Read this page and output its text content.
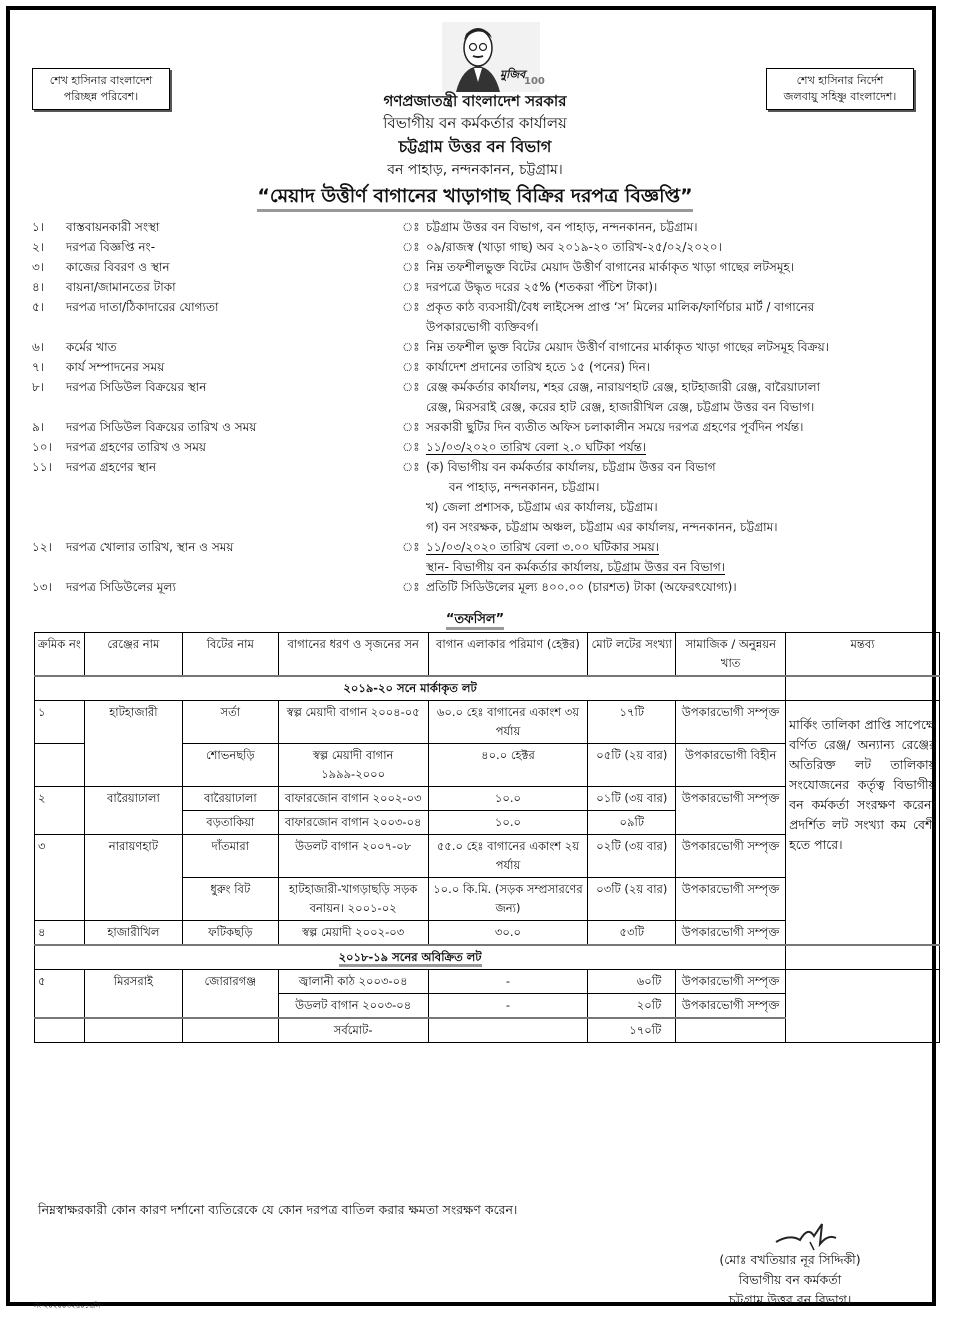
শেখ হাসিনার বাংলাদেশ
পরিচ্ছন্ন পরিবেশ।
শেখ হাসিনার নির্দেশ
জলবায়ু সহিষ্ণু বাংলাদেশ।
মুজিব
100
গণপ্রজাতন্ত্রী বাংলাদেশ সরকার
বিভাগীয় বন কর্মকর্তার কার্যালয়
চট্টগ্রাম উত্তর বন বিভাগ
বন পাহাড়, নন্দনকানন, চট্টগ্রাম।
“মেয়াদ উত্তীর্ণ বাগানের খাড়াগাছ বিক্রির দরপত্র বিজ্ঞপ্তি”
১।	বাস্তবায়নকারী সংস্থা	ঃ চট্টগ্রাম উত্তর বন বিভাগ, বন পাহাড়, নন্দনকানন, চট্টগ্রাম।
২।	দরপত্র বিজ্ঞপ্তি নং-	ঃ ০৯/রাজস্ব (খাড়া গাছ) অব ২০১৯-২০ তারিখ-২৫/০২/২০২০।
৩।	কাজের বিবরণ ও স্থান	ঃ নিম্ন তফশীলভুক্ত বিটের মেয়াদ উত্তীর্ণ বাগানের মার্কাকৃত খাড়া গাছের লটসমূহ।
৪।	বায়না/জামানতের টাকা	ঃ দরপত্রে উদ্ধৃত দরের ২৫% (শতকরা পঁচিশ টাকা)।
৫।	দরপত্র দাতা/ঠিকাদারের যোগ্যতা	ঃ প্রকৃত কাঠ ব্যবসায়ী/বৈধ লাইসেন্স প্রাপ্ত ‘স’ মিলের মালিক/ফার্ণিচার মার্ট / বাগানের
উপকারভোগী ব্যক্তিবর্গ।
৬।	কর্মের খাত	ঃ নিম্ন তফশীল ভুক্ত বিটের মেয়াদ উত্তীর্ণ বাগানের মার্কাকৃত খাড়া গাছের লটসমূহ বিক্রয়।
৭।	কার্য সম্পাদনের সময়	ঃ কার্যাদেশ প্রদানের তারিখ হতে ১৫ (পনের) দিন।
৮।	দরপত্র সিডিউল বিক্রয়ের স্থান	ঃ রেঞ্জ কর্মকর্তার কার্যালয়, শহর রেঞ্জ, নারায়ণহাট রেঞ্জ, হাটহাজারী রেঞ্জ, বারৈয়াঢালা
রেঞ্জ, মিরসরাই রেঞ্জ, করের হাট রেঞ্জ, হাজারীখিল রেঞ্জ, চট্টগ্রাম উত্তর বন বিভাগ।
৯।	দরপত্র সিডিউল বিক্রয়ের তারিখ ও সময়	ঃ সরকারী ছুটির দিন ব্যতীত অফিস চলাকালীন সময়ে দরপত্র গ্রহণের পূর্বদিন পর্যন্ত।
১০।	দরপত্র গ্রহণের তারিখ ও সময়	ঃ ১১/০৩/২০২০ তারিখ বেলা ২.০ ঘটিকা পর্যন্ত।
১১।	দরপত্র গ্রহণের স্থান	ঃ (ক) বিভাগীয় বন কর্মকর্তার কার্যালয়, চট্টগ্রাম উত্তর বন বিভাগ
বন পাহাড়, নন্দনকানন, চট্টগ্রাম।
খ) জেলা প্রশাসক, চট্টগ্রাম এর কার্যালয়, চট্টগ্রাম।
গ) বন সংরক্ষক, চট্টগ্রাম অঞ্চল, চট্টগ্রাম এর কার্যালয়, নন্দনকানন, চট্টগ্রাম।
১২।	দরপত্র খোলার তারিখ, স্থান ও সময়	ঃ ১১/০৩/২০২০ তারিখ বেলা ৩.০০ ঘটিকার সময়।
স্থান- বিভাগীয় বন কর্মকর্তার কার্যালয়, চট্টগ্রাম উত্তর বন বিভাগ।
১৩।	দরপত্র সিডিউলের মূল্য	ঃ প্রতিটি সিডিউলের মূল্য ৪০০.০০ (চারশত) টাকা (অফেরৎযোগ্য)।
“তফসিল”
ক্রমিক নং	রেঞ্জের নাম	বিটের নাম	বাগানের ধরণ ও সৃজনের সন	বাগান এলাকার পরিমাণ (হেক্টর)	মোট লটের সংখ্যা	সামাজিক / অনুন্নয়ন খাত	মন্তব্য
২০১৯-২০ সনে মার্কাকৃত লট							
১	হাটহাজারী	সর্তা	স্বল্প মেয়াদী বাগান ২০০৪-০৫	৬০.০ হেঃ বাগানের একাংশ ৩য় পর্যায়	১৭টি	উপকারভোগী সম্পৃক্ত	মার্কিং তালিকা প্রাপ্তি সাপেক্ষে বর্ণিত রেঞ্জ/ অন্যান্য রেঞ্জের অতিরিক্ত লট তালিকায় সংযোজনের কর্তৃত্ব বিভাগীয় বন কর্মকর্তা সংরক্ষণ করেন। প্রদর্শিত লট সংখ্যা কম বেশী হতে পারে।
		শোভনছড়ি	স্বল্প মেয়াদী বাগান ১৯৯৯-২০০০	৪০.০ হেক্টর	০৫টি (২য় বার)	উপকারভোগী বিহীন	
২	বারৈয়াঢালা	বারৈয়াঢালা	বাফারজোন বাগান ২০০২-০৩	১০.০	০১টি (৩য় বার)	উপকারভোগী সম্পৃক্ত	
		বড়তাকিয়া	বাফারজোন বাগান ২০০৩-০৪	১০.০	০৯টি		
৩	নারায়ণহাট	দাঁতমারা	উডলট বাগান ২০০৭-০৮	৫৫.০ হেঃ বাগানের একাংশ ২য় পর্যায়	০২টি (৩য় বার)	উপকারভোগী সম্পৃক্ত	
		ধুরুং বিট	হাটহাজারী-খাগড়াছড়ি সড়ক বনায়ন। ২০০১-০২	১০.০ কি.মি. (সড়ক সম্প্রসারণের জন্য)	০৩টি (২য় বার)	উপকারভোগী সম্পৃক্ত	
৪	হাজারীখিল	ফটিকছড়ি	স্বল্প মেয়াদী ২০০২-০৩	৩০.০	৫৩টি	উপকারভোগী সম্পৃক্ত	
২০১৮-১৯ সনের অবিক্রিত লট							
৫	মিরসরাই	জোরারগঞ্জ	জ্বালানী কাঠ ২০০৩-০৪	-	৬০টি	উপকারভোগী সম্পৃক্ত	
			উডলট বাগান ২০০৩-০৪	-	২০টি	উপকারভোগী সম্পৃক্ত	
			সর্বমোট-		১৭০টি		
নিম্নস্বাক্ষরকারী কোন কারণ দর্শানো ব্যতিরেকে যে কোন দরপত্র বাতিল করার ক্ষমতা সংরক্ষণ করেন।
(মোঃ বখতিয়ার নূর সিদ্দিকী)
বিভাগীয় বন কর্মকর্তা
চট্টগ্রাম উত্তর বন বিভাগ।
নং-২০২০০৩২৬০১৬সি
